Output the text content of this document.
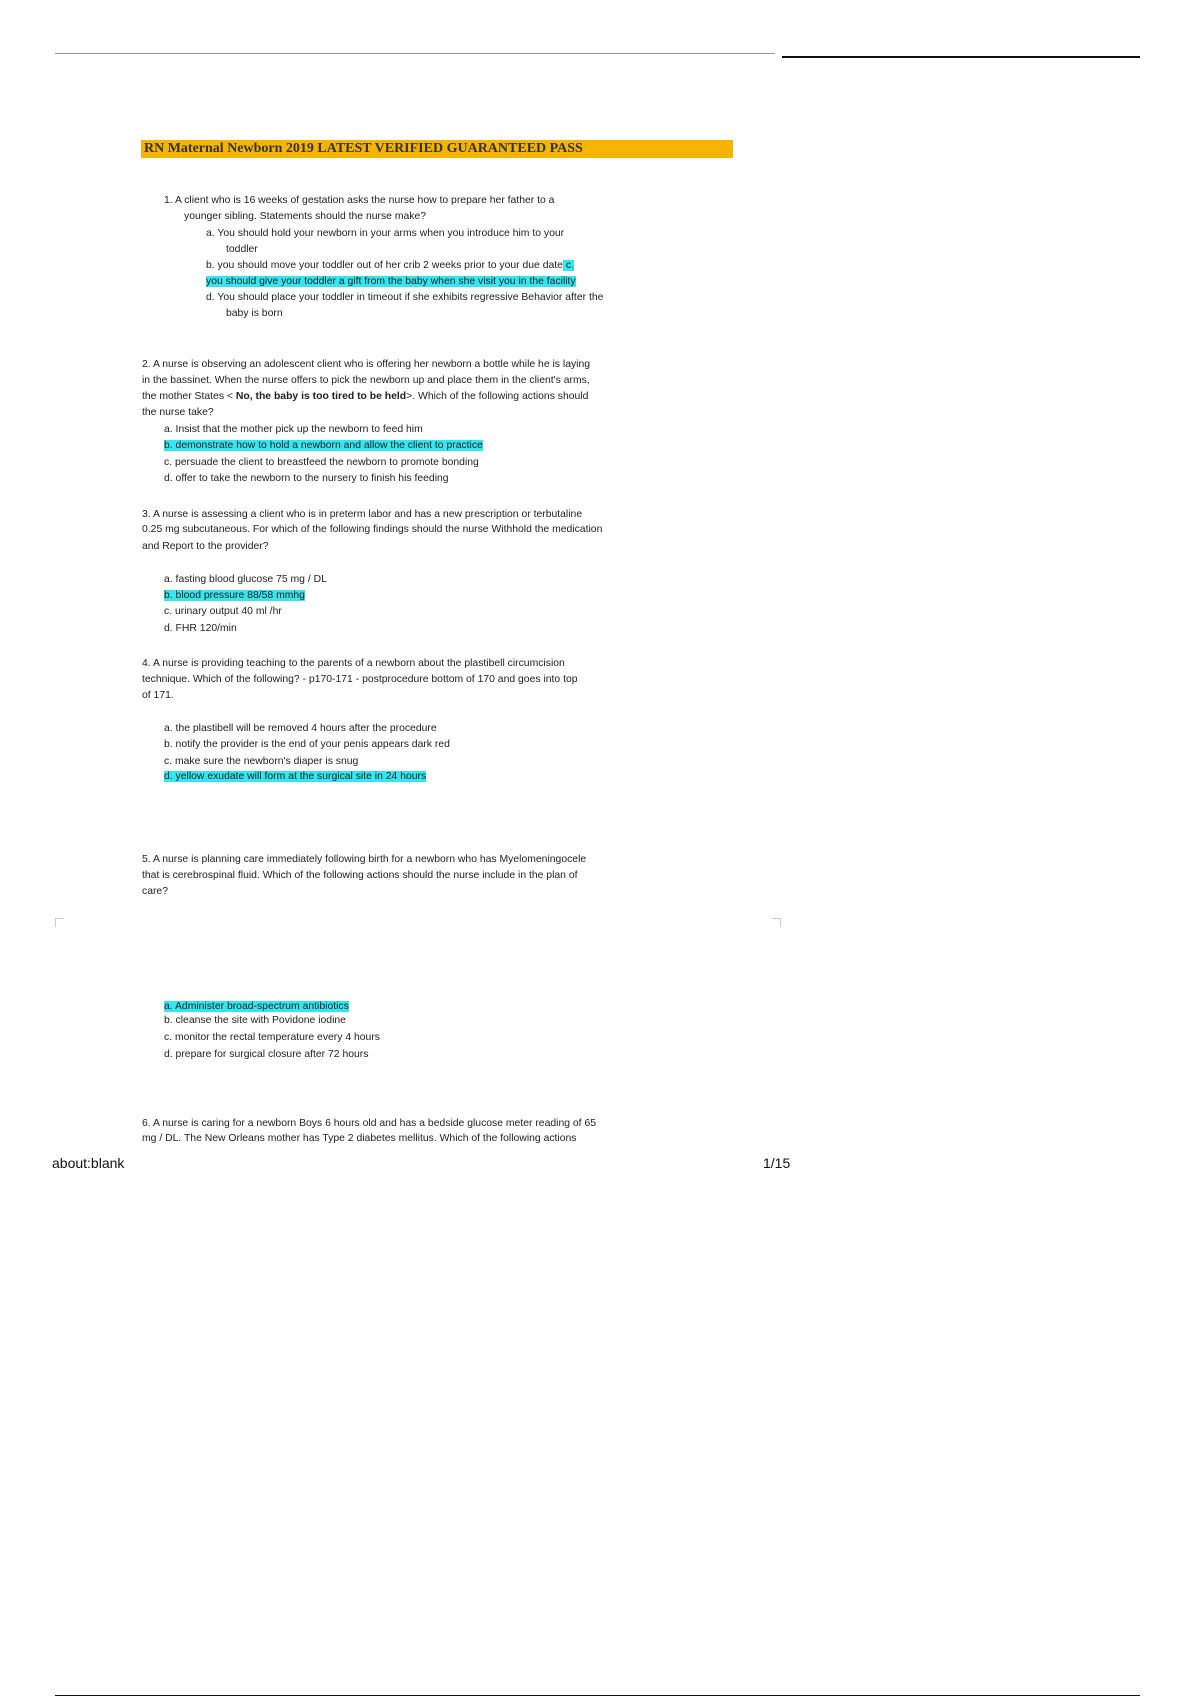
RN Maternal Newborn 2019 LATEST VERIFIED GUARANTEED PASS
1. A client who is 16 weeks of gestation asks the nurse how to prepare her father to a
younger sibling. Statements should the nurse make?
a. You should hold your newborn in your arms when you introduce him to your
toddler
b. you should move your toddler out of her crib 2 weeks prior to your due date c.
you should give your toddler a gift from the baby when she visit you in the facility
d. You should place your toddler in timeout if she exhibits regressive Behavior after the
baby is born
2. A nurse is observing an adolescent client who is offering her newborn a bottle while he is laying
in the bassinet. When the nurse offers to pick the newborn up and place them in the client's arms,
the mother States < No, the baby is too tired to be held>. Which of the following actions should
the nurse take?
a. Insist that the mother pick up the newborn to feed him
b. demonstrate how to hold a newborn and allow the client to practice
c. persuade the client to breastfeed the newborn to promote bonding
d. offer to take the newborn to the nursery to finish his feeding
3. A nurse is assessing a client who is in preterm labor and has a new prescription or terbutaline
0.25 mg subcutaneous. For which of the following findings should the nurse Withhold the medication
and Report to the provider?
a. fasting blood glucose 75 mg / DL
b. blood pressure 88/58 mmhg
c. urinary output 40 ml /hr
d. FHR 120/min
4. A nurse is providing teaching to the parents of a newborn about the plastibell circumcision
technique. Which of the following? - p170-171 - postprocedure bottom of 170 and goes into top
of 171.
a. the plastibell will be removed 4 hours after the procedure
b. notify the provider is the end of your penis appears dark red
c. make sure the newborn's diaper is snug
d. yellow exudate will form at the surgical site in 24 hours
5. A nurse is planning care immediately following birth for a newborn who has Myelomeningocele
that is cerebrospinal fluid. Which of the following actions should the nurse include in the plan of
care?
a. Administer broad-spectrum antibiotics
b. cleanse the site with Povidone iodine
c. monitor the rectal temperature every 4 hours
d. prepare for surgical closure after 72 hours
6. A nurse is caring for a newborn Boys 6 hours old and has a bedside glucose meter reading of 65
mg / DL. The New Orleans mother has Type 2 diabetes mellitus. Which of the following actions
about:blank	1/15
